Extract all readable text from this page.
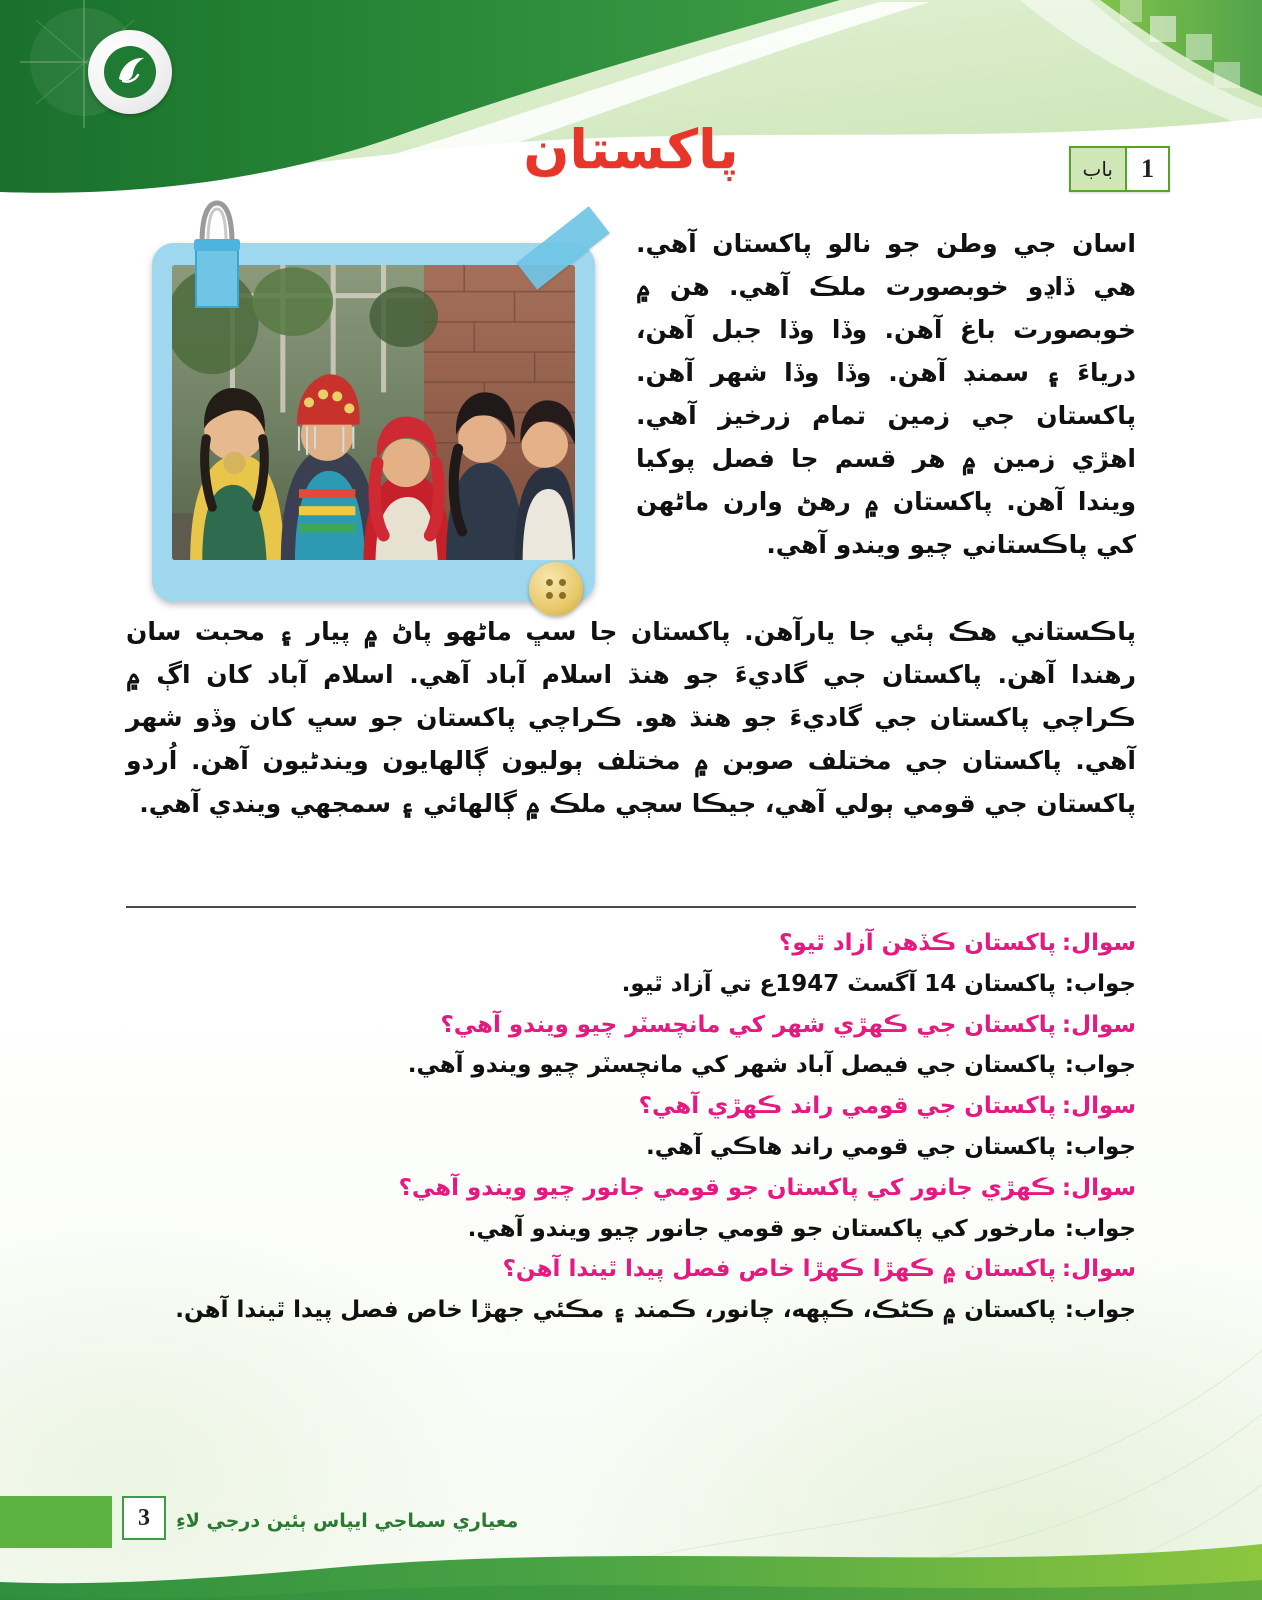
1
باب
پاکستان
اسان جي وطن جو نالو پاکستان آهي. هي ڏاڍو خوبصورت ملڪ آهي. هن ۾ خوبصورت باغ آهن. وڏا وڏا جبل آهن، درياءَ ۽ سمنڊ آهن. وڏا وڏا شهر آهن. پاکستان جي زمين تمام زرخيز آهي. اهڙي زمين ۾ هر قسم جا فصل پوکيا ويندا آهن. پاکستان ۾ رهڻ وارن ماڻهن کي پاڪستاني چيو ويندو آهي.
پاڪستاني هڪ ٻئي جا يارآهن. پاکستان جا سڀ ماڻهو پاڻ ۾ پيار ۽ محبت سان رهندا آهن. پاکستان جي گاديءَ جو هنڌ اسلام آباد آهي. اسلام آباد کان اڳ ۾ ڪراچي پاکستان جي گاديءَ جو هنڌ هو. ڪراچي پاکستان جو سڀ کان وڏو شهر آهي. پاکستان جي مختلف صوبن ۾ مختلف ٻوليون ڳالهايون ويندڻيون آهن. اُردو پاکستان جي قومي ٻولي آهي، جيڪا سڄي ملڪ ۾ ڳالهائي ۽ سمجهي ويندي آهي.
سوال:
پاکستان ڪڏهن آزاد ٿيو؟
جواب:
پاکستان 14 آگسٽ 1947ع تي آزاد ٿيو.
سوال:
پاکستان جي ڪهڙي شهر کي مانچسٽر چيو ويندو آهي؟
جواب:
پاکستان جي فيصل آباد شهر کي مانچسٽر چيو ويندو آهي.
سوال:
پاکستان جي قومي راند ڪهڙي آهي؟
جواب:
پاکستان جي قومي راند هاڪي آهي.
سوال:
ڪهڙي جانور کي پاکستان جو قومي جانور چيو ويندو آهي؟
جواب:
مارخور کي پاکستان جو قومي جانور چيو ويندو آهي.
سوال:
پاکستان ۾ ڪهڙا ڪهڙا خاص فصل پيدا ٿيندا آهن؟
جواب:
پاکستان ۾ ڪڻڪ، ڪپهه، چانور، ڪمند ۽ مڪئي جهڙا خاص فصل پيدا ٿيندا آهن.
3	معياري سماجي ايپاس ٻئين درجي لاءِ
